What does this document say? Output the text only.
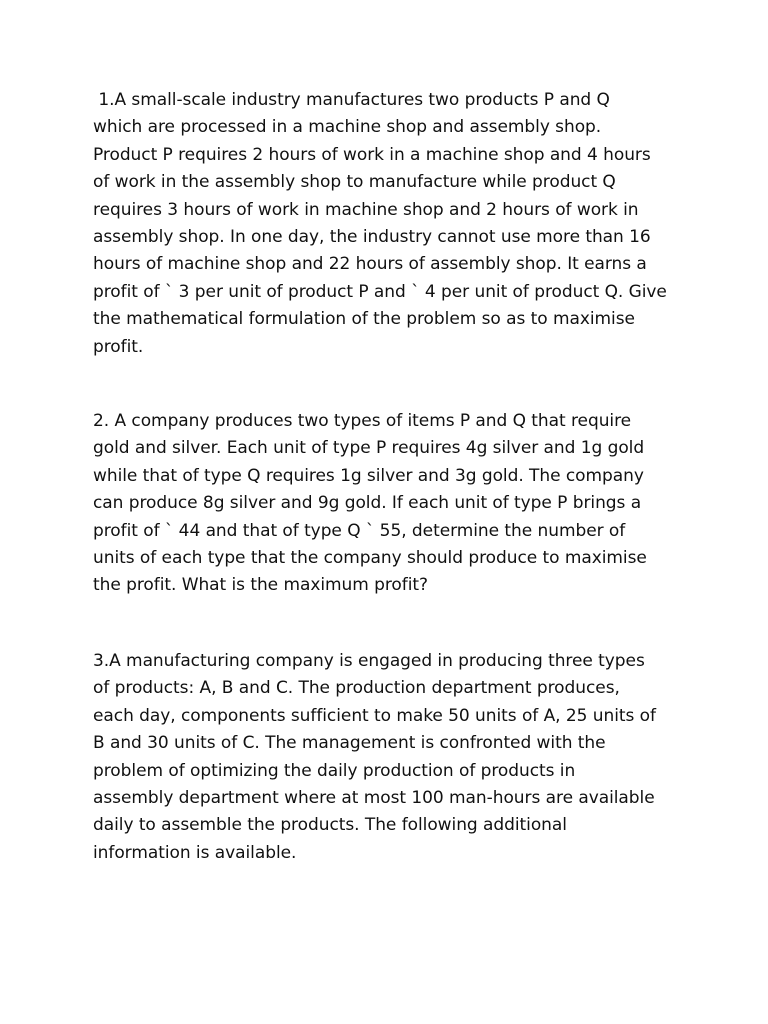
1.A small-scale industry manufactures two products P and Q
which are processed in a machine shop and assembly shop.
Product P requires 2 hours of work in a machine shop and 4 hours
of work in the assembly shop to manufacture while product Q
requires 3 hours of work in machine shop and 2 hours of work in
assembly shop. In one day, the industry cannot use more than 16
hours of machine shop and 22 hours of assembly shop. It earns a
profit of ` 3 per unit of product P and ` 4 per unit of product Q. Give
the mathematical formulation of the problem so as to maximise
profit.
2. A company produces two types of items P and Q that require
gold and silver. Each unit of type P requires 4g silver and 1g gold
while that of type Q requires 1g silver and 3g gold. The company
can produce 8g silver and 9g gold. If each unit of type P brings a
profit of ` 44 and that of type Q ` 55, determine the number of
units of each type that the company should produce to maximise
the profit. What is the maximum profit?
3.A manufacturing company is engaged in producing three types
of products: A, B and C. The production department produces,
each day, components sufficient to make 50 units of A, 25 units of
B and 30 units of C. The management is confronted with the
problem of optimizing the daily production of products in
assembly department where at most 100 man-hours are available
daily to assemble the products. The following additional
information is available.
